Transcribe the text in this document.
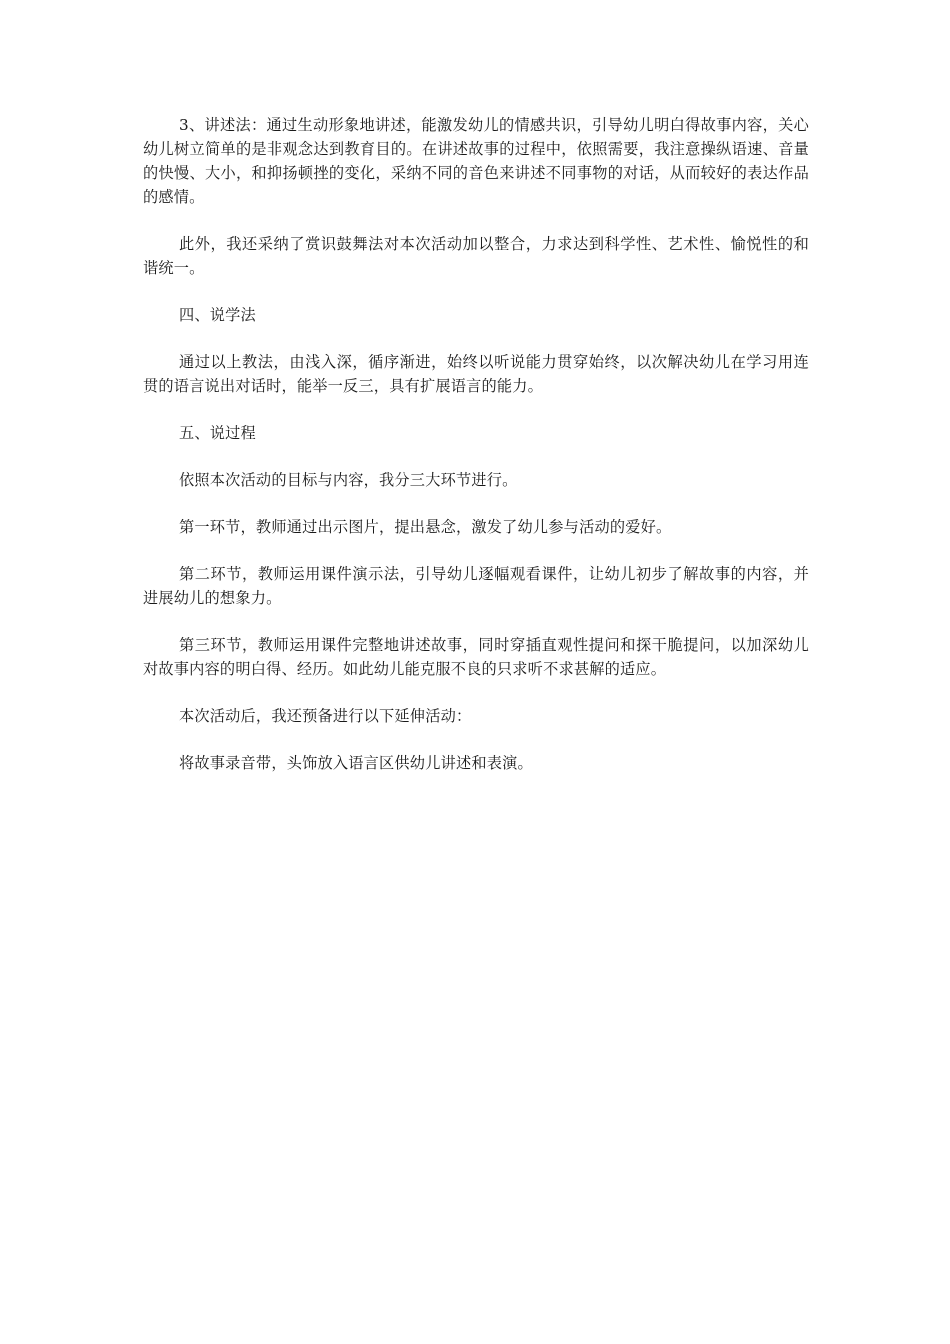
3、讲述法：通过生动形象地讲述，能激发幼儿的情感共识，引导幼儿明白得故事内容，关心幼儿树立简单的是非观念达到教育目的。在讲述故事的过程中，依照需要，我注意操纵语速、音量的快慢、大小，和抑扬顿挫的变化，采纳不同的音色来讲述不同事物的对话，从而较好的表达作品的感情。

此外，我还采纳了赏识鼓舞法对本次活动加以整合，力求达到科学性、艺术性、愉悦性的和谐统一。

四、说学法

通过以上教法，由浅入深，循序渐进，始终以听说能力贯穿始终，以次解决幼儿在学习用连贯的语言说出对话时，能举一反三，具有扩展语言的能力。

五、说过程

依照本次活动的目标与内容，我分三大环节进行。

第一环节，教师通过出示图片，提出悬念，激发了幼儿参与活动的爱好。

第二环节，教师运用课件演示法，引导幼儿逐幅观看课件，让幼儿初步了解故事的内容，并进展幼儿的想象力。

第三环节，教师运用课件完整地讲述故事，同时穿插直观性提问和探干脆提问，以加深幼儿对故事内容的明白得、经历。如此幼儿能克服不良的只求听不求甚解的适应。

本次活动后，我还预备进行以下延伸活动：

将故事录音带，头饰放入语言区供幼儿讲述和表演。
